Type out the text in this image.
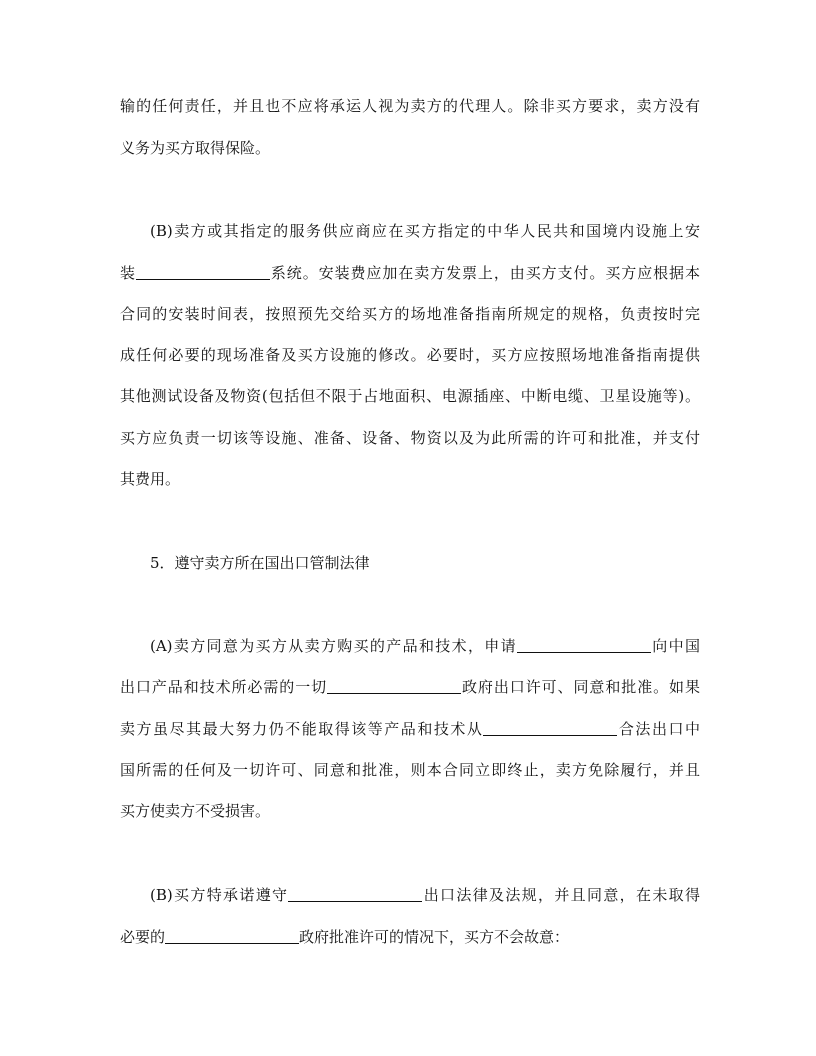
输的任何责任，并且也不应将承运人视为卖方的代理人。除非买方要求，卖方没有
义务为买方取得保险。
(B)卖方或其指定的服务供应商应在买方指定的中华人民共和国境内设施上安
装	系统。安装费应加在卖方发票上，由买方支付。买方应根据本
合同的安装时间表，按照预先交给买方的场地准备指南所规定的规格，负责按时完
成任何必要的现场准备及买方设施的修改。必要时，买方应按照场地准备指南提供
其他测试设备及物资(包括但不限于占地面积、电源插座、中断电缆、卫星设施等)。
买方应负责一切该等设施、准备、设备、物资以及为此所需的许可和批准，并支付
其费用。
5．遵守卖方所在国出口管制法律
(A)卖方同意为买方从卖方购买的产品和技术，申请	向中国
出口产品和技术所必需的一切	政府出口许可、同意和批准。如果
卖方虽尽其最大努力仍不能取得该等产品和技术从	合法出口中
国所需的任何及一切许可、同意和批准，则本合同立即终止，卖方免除履行，并且
买方使卖方不受损害。
(B)买方特承诺遵守	出口法律及法规，并且同意，在未取得
必要的	政府批准许可的情况下，买方不会故意：
